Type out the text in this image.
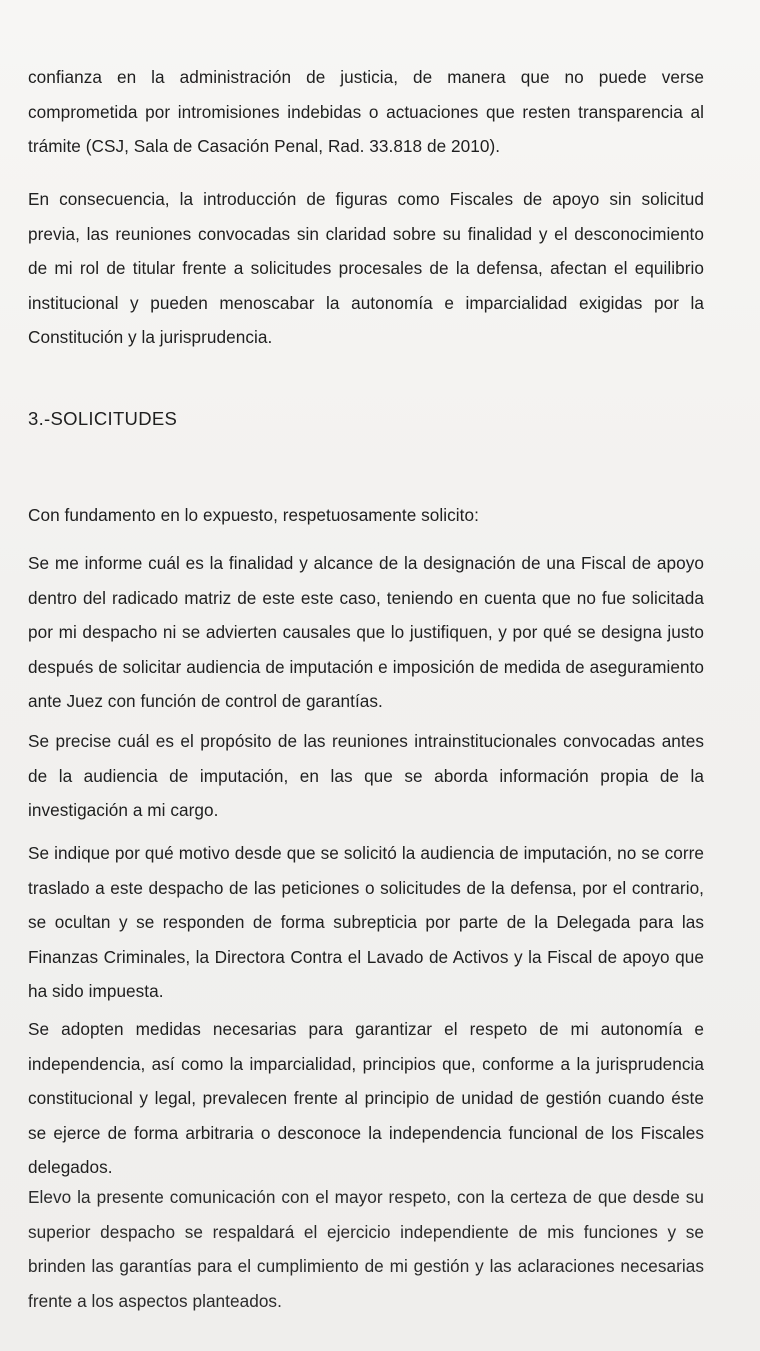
confianza en la administración de justicia, de manera que no puede verse comprometida por intromisiones indebidas o actuaciones que resten transparencia al trámite (CSJ, Sala de Casación Penal, Rad. 33.818 de 2010).

En consecuencia, la introducción de figuras como Fiscales de apoyo sin solicitud previa, las reuniones convocadas sin claridad sobre su finalidad y el desconocimiento de mi rol de titular frente a solicitudes procesales de la defensa, afectan el equilibrio institucional y pueden menoscabar la autonomía e imparcialidad exigidas por la Constitución y la jurisprudencia.

3.-SOLICITUDES

Con fundamento en lo expuesto, respetuosamente solicito:

Se me informe cuál es la finalidad y alcance de la designación de una Fiscal de apoyo dentro del radicado matriz de este este caso, teniendo en cuenta que no fue solicitada por mi despacho ni se advierten causales que lo justifiquen, y por qué se designa justo después de solicitar audiencia de imputación e imposición de medida de aseguramiento ante Juez con función de control de garantías.

Se precise cuál es el propósito de las reuniones intrainstitucionales convocadas antes de la audiencia de imputación, en las que se aborda información propia de la investigación a mi cargo.

Se indique por qué motivo desde que se solicitó la audiencia de imputación, no se corre traslado a este despacho de las peticiones o solicitudes de la defensa, por el contrario, se ocultan y se responden de forma subrepticia por parte de la Delegada para las Finanzas Criminales, la Directora Contra el Lavado de Activos y la Fiscal de apoyo que ha sido impuesta.

Se adopten medidas necesarias para garantizar el respeto de mi autonomía e independencia, así como la imparcialidad, principios que, conforme a la jurisprudencia constitucional y legal, prevalecen frente al principio de unidad de gestión cuando éste se ejerce de forma arbitraria o desconoce la independencia funcional de los Fiscales delegados.

Elevo la presente comunicación con el mayor respeto, con la certeza de que desde su superior despacho se respaldará el ejercicio independiente de mis funciones y se brinden las garantías para el cumplimiento de mi gestión y las aclaraciones necesarias frente a los aspectos planteados.
